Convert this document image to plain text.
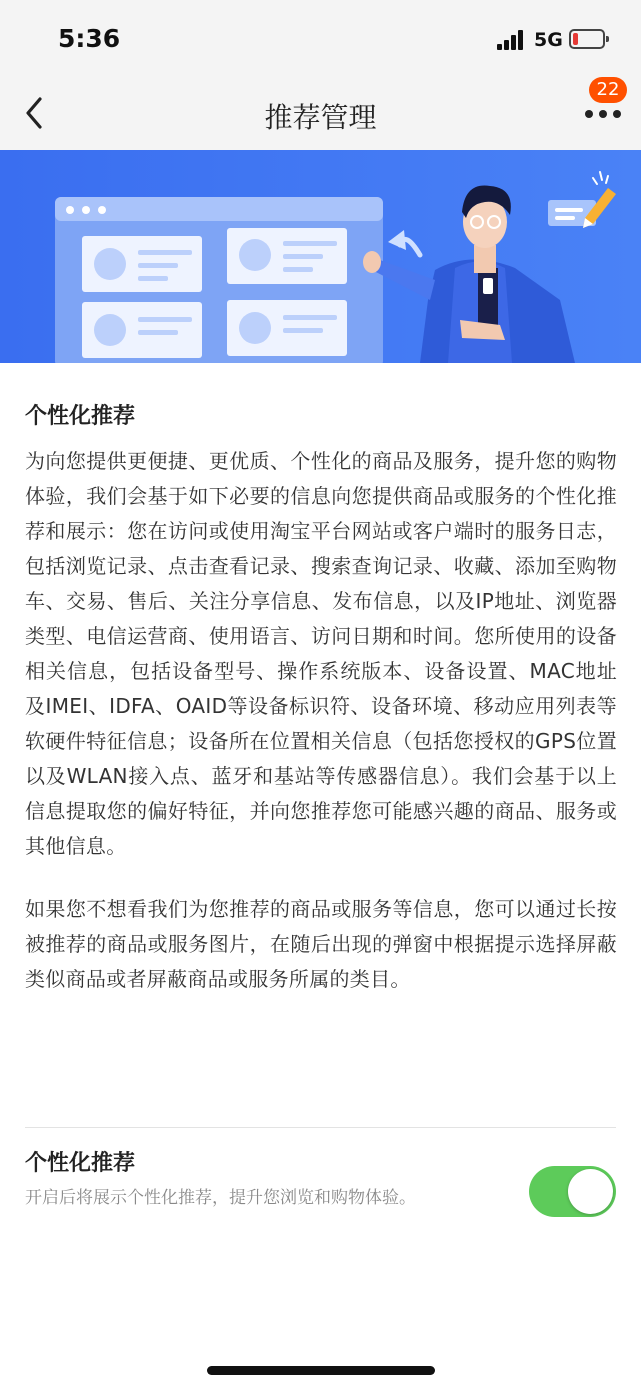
5:36	5G
推荐管理
22
个性化推荐

为向您提供更便捷、更优质、个性化的商品及服务，提升您的购物体验，我们会基于如下必要的信息向您提供商品或服务的个性化推荐和展示：您在访问或使用淘宝平台网站或客户端时的服务日志，包括浏览记录、点击查看记录、搜索查询记录、收藏、添加至购物车、交易、售后、关注分享信息、发布信息，以及IP地址、浏览器类型、电信运营商、使用语言、访问日期和时间。您所使用的设备相关信息，包括设备型号、操作系统版本、设备设置、MAC地址及IMEI、IDFA、OAID等设备标识符、设备环境、移动应用列表等软硬件特征信息；设备所在位置相关信息（包括您授权的GPS位置以及WLAN接入点、蓝牙和基站等传感器信息）。我们会基于以上信息提取您的偏好特征，并向您推荐您可能感兴趣的商品、服务或其他信息。

如果您不想看我们为您推荐的商品或服务等信息，您可以通过长按被推荐的商品或服务图片，在随后出现的弹窗中根据提示选择屏蔽类似商品或者屏蔽商品或服务所属的类目。

个性化推荐
开启后将展示个性化推荐，提升您浏览和购物体验。
